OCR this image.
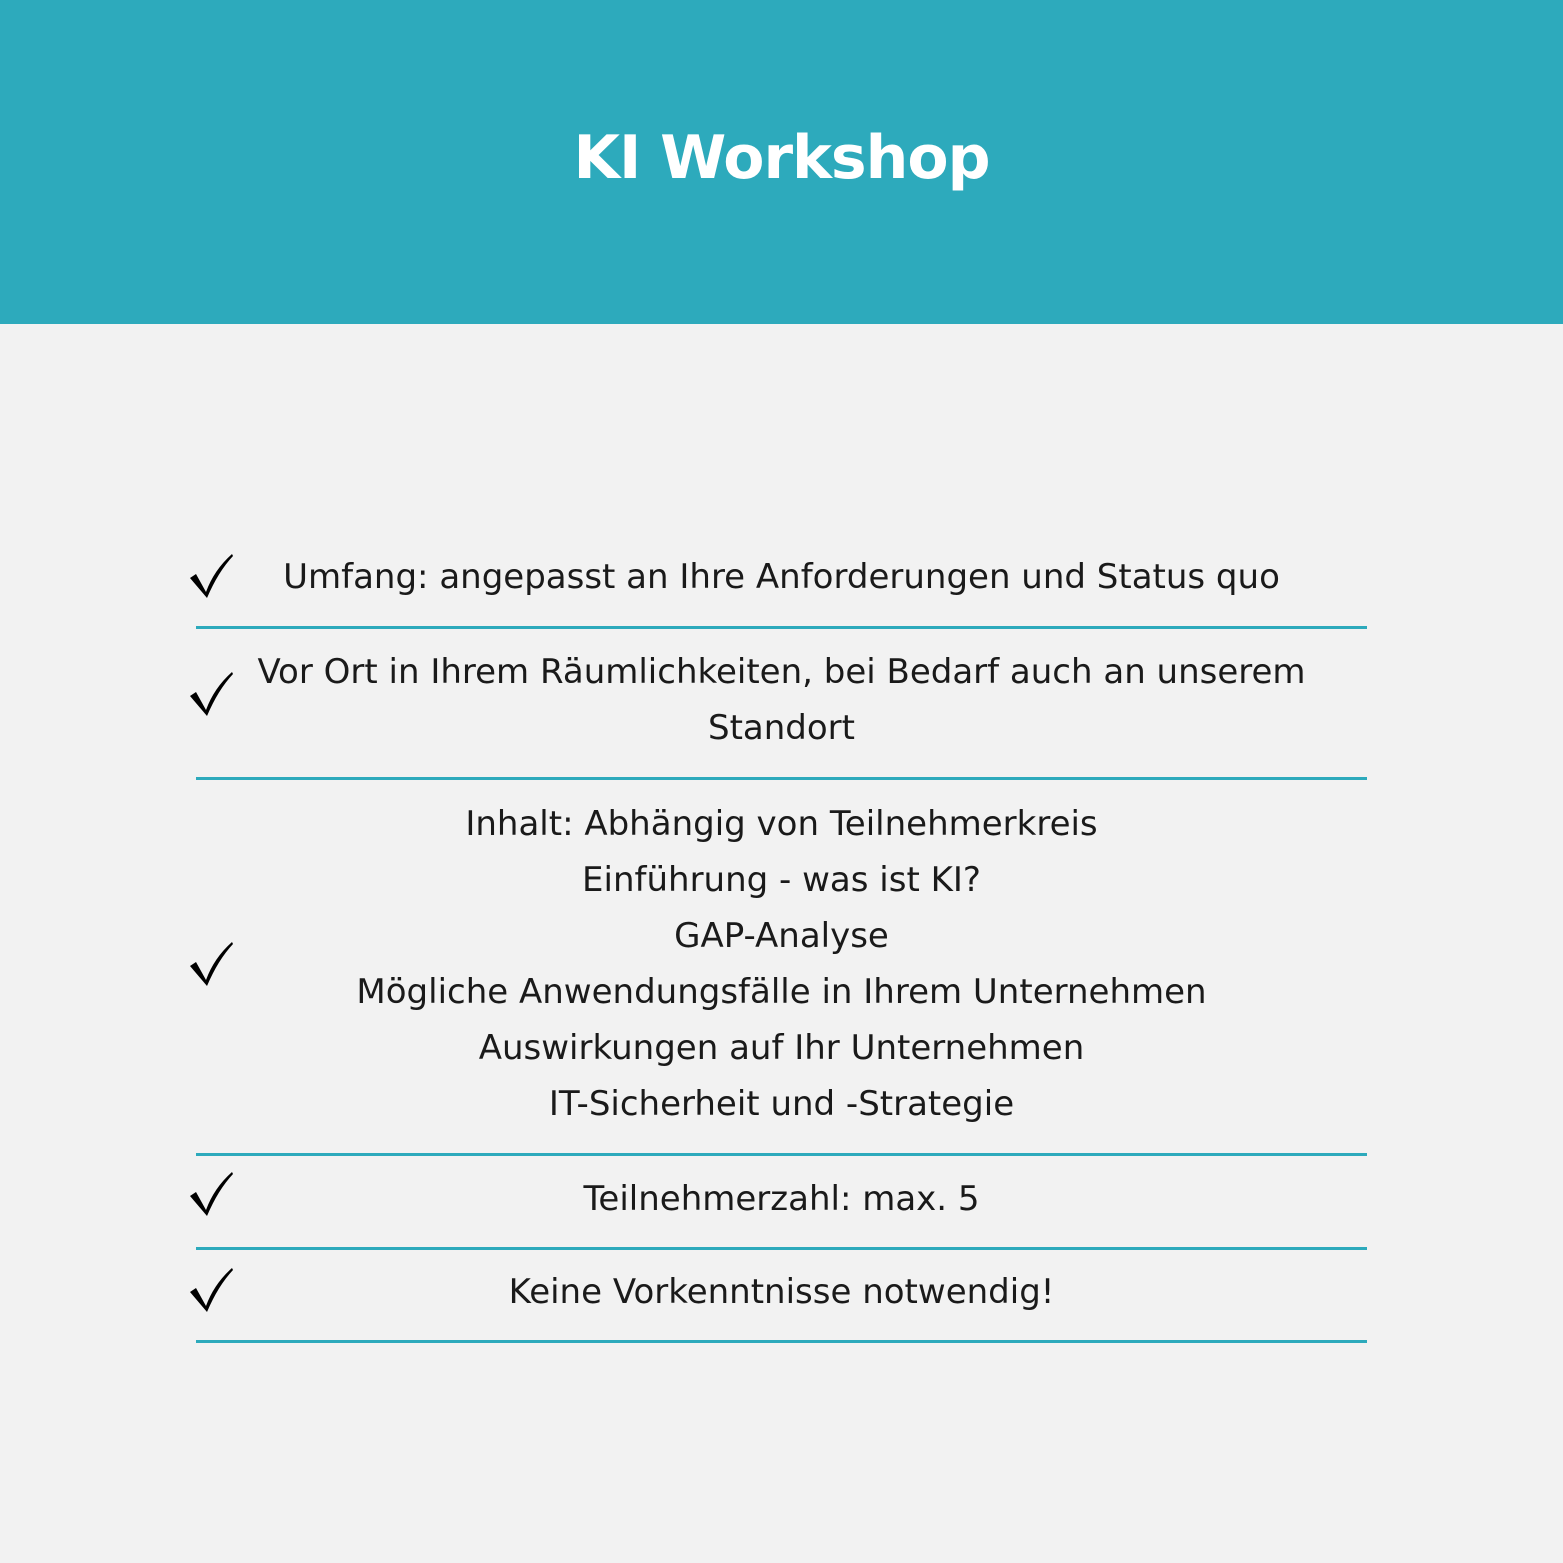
KI Workshop
Umfang: angepasst an Ihre Anforderungen und Status quo
Vor Ort in Ihrem Räumlichkeiten, bei Bedarf auch an unserem
Standort
Inhalt: Abhängig von Teilnehmerkreis
Einführung - was ist KI?
GAP-Analyse
Mögliche Anwendungsfälle in Ihrem Unternehmen
Auswirkungen auf Ihr Unternehmen
IT-Sicherheit und -Strategie
Teilnehmerzahl: max. 5
Keine Vorkenntnisse notwendig!
